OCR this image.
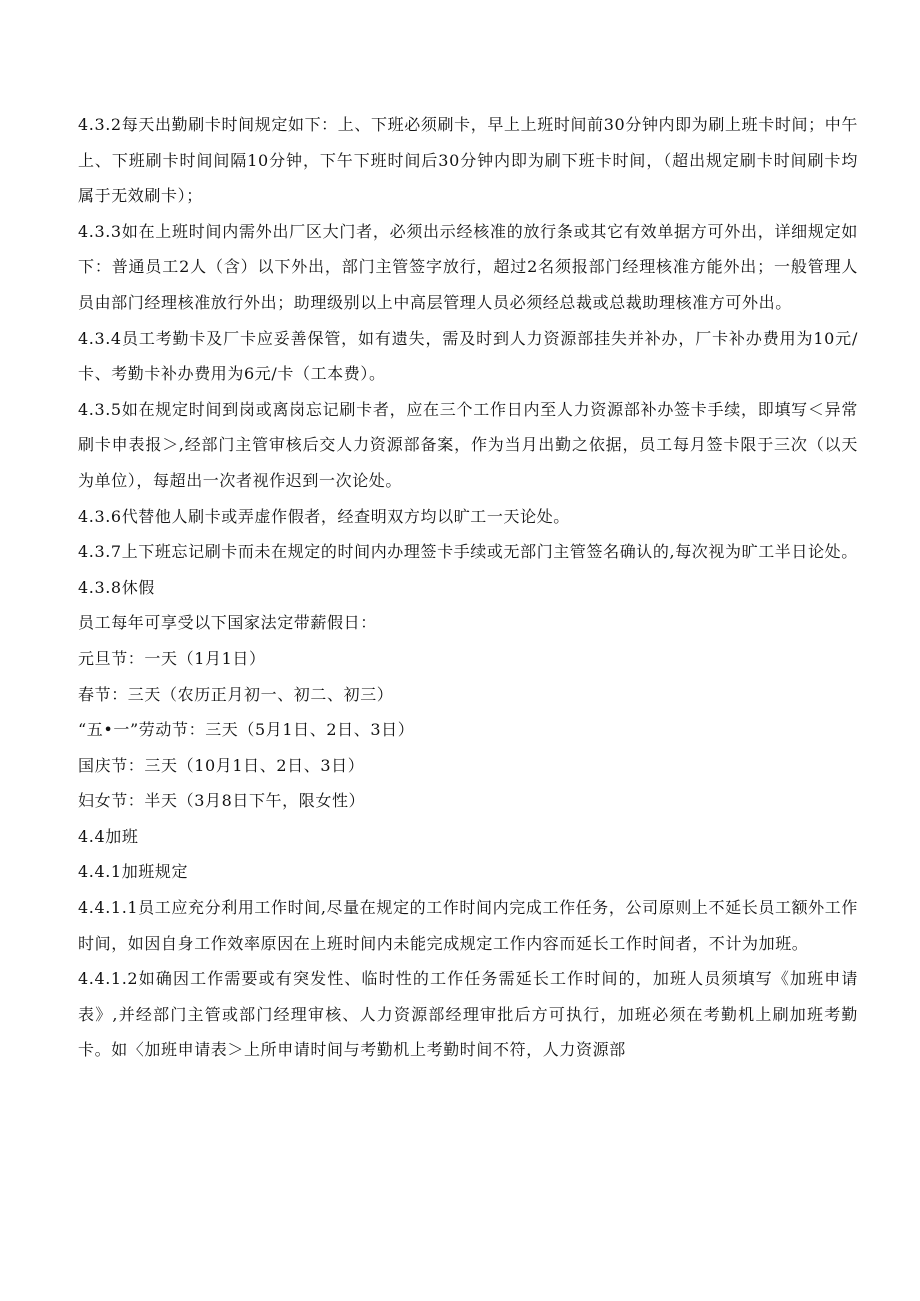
4.3.2每天出勤刷卡时间规定如下：上、下班必须刷卡，早上上班时间前30分钟内即为刷上班卡时间；中午上、下班刷卡时间间隔10分钟，下午下班时间后30分钟内即为刷下班卡时间，（超出规定刷卡时间刷卡均属于无效刷卡）；

4.3.3如在上班时间内需外出厂区大门者，必须出示经核准的放行条或其它有效单据方可外出，详细规定如下：普通员工2人（含）以下外出，部门主管签字放行，超过2名须报部门经理核准方能外出；一般管理人员由部门经理核准放行外出；助理级别以上中高层管理人员必须经总裁或总裁助理核准方可外出。

4.3.4员工考勤卡及厂卡应妥善保管，如有遗失，需及时到人力资源部挂失并补办，厂卡补办费用为10元/卡、考勤卡补办费用为6元/卡（工本费）。

4.3.5如在规定时间到岗或离岗忘记刷卡者，应在三个工作日内至人力资源部补办签卡手续，即填写＜异常刷卡申表报＞,经部门主管审核后交人力资源部备案，作为当月出勤之依据，员工每月签卡限于三次（以天为单位），每超出一次者视作迟到一次论处。

4.3.6代替他人刷卡或弄虚作假者，经查明双方均以旷工一天论处。

4.3.7上下班忘记刷卡而未在规定的时间内办理签卡手续或无部门主管签名确认的,每次视为旷工半日论处。

4.3.8休假

员工每年可享受以下国家法定带薪假日：

元旦节：一天（1月1日）

春节：三天（农历正月初一、初二、初三）

“五•一”劳动节：三天（5月1日、2日、3日）

国庆节：三天（10月1日、2日、3日）

妇女节：半天（3月8日下午，限女性）

4.4加班

4.4.1加班规定

4.4.1.1员工应充分利用工作时间,尽量在规定的工作时间内完成工作任务，公司原则上不延长员工额外工作时间，如因自身工作效率原因在上班时间内未能完成规定工作内容而延长工作时间者，不计为加班。

4.4.1.2如确因工作需要或有突发性、临时性的工作任务需延长工作时间的，加班人员须填写《加班申请表》,并经部门主管或部门经理审核、人力资源部经理审批后方可执行，加班必须在考勤机上刷加班考勤卡。如〈加班申请表＞上所申请时间与考勤机上考勤时间不符，人力资源部
